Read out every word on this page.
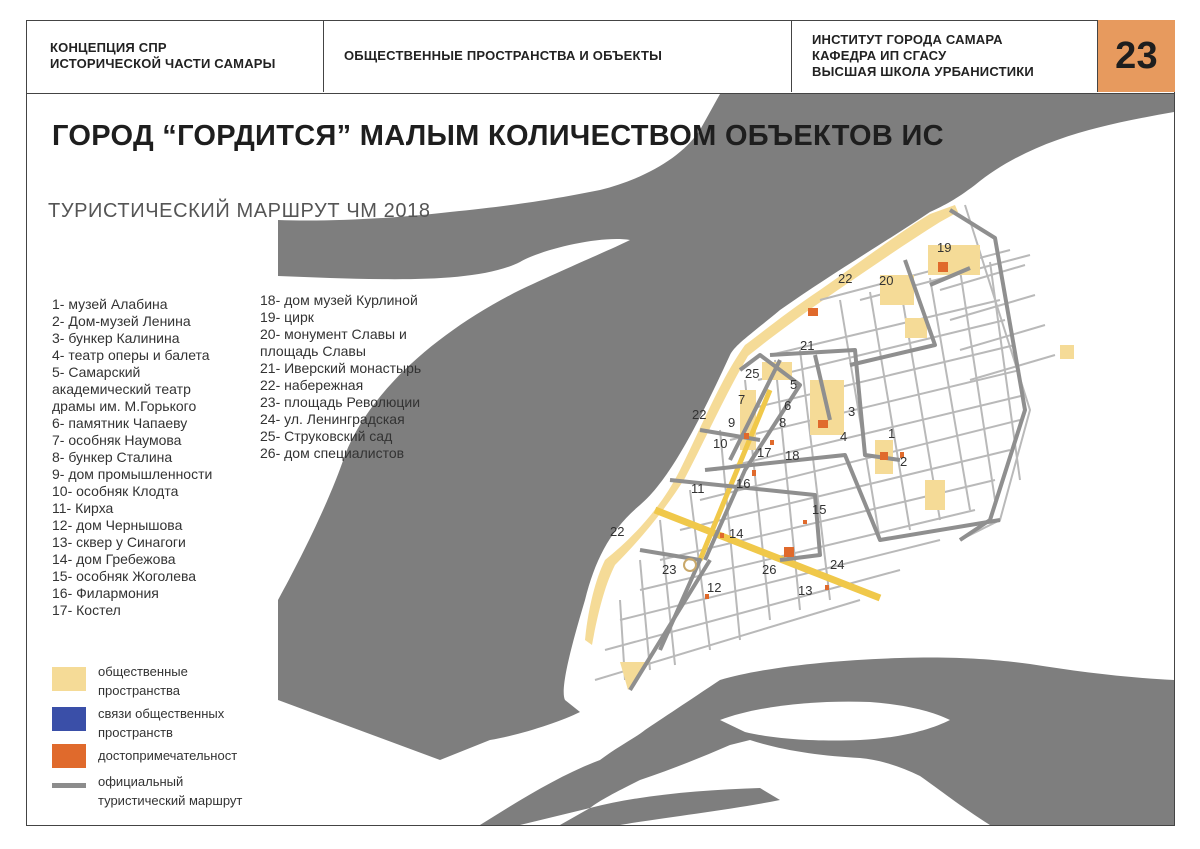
КОНЦЕПЦИЯ СПР
ИСТОРИЧЕСКОЙ ЧАСТИ САМАРЫ
ОБЩЕСТВЕННЫЕ ПРОСТРАНСТВА И ОБЪЕКТЫ
ИНСТИТУТ ГОРОДА САМАРА
КАФЕДРА ИП СГАСУ
ВЫСШАЯ ШКОЛА УРБАНИСТИКИ	23
1
2
3
4
5
6
7
8
9
10
11
12	13
14
15
16
17 18
19
20
21
22
22
22
23	24
25
26
ГОРОД “ГОРДИТСЯ” МАЛЫМ КОЛИЧЕСТВОМ ОБЪЕКТОВ ИС
ТУРИСТИЧЕСКИЙ МАРШРУТ ЧМ 2018
1- музей Алабина
2- Дом-музей Ленина
3- бункер Калинина
4- театр оперы и балета
5- Самарский
академический театр
драмы им. М.Горького
6- памятник Чапаеву
7- особняк Наумова
8- бункер Сталина
9- дом промышленности
10- особняк Клодта
11- Кирха
12- дом Чернышова
13- сквер у Синагоги
14- дом Гребежова
15- особняк Жоголева
16- Филармония
17- Костел
18- дом музей Курлиной
19- цирк
20- монумент Славы и
площадь Славы
21- Иверский монастырь
22- набережная
23- площадь Революции
24- ул. Ленинградская
25- Струковский сад
26- дом специалистов
общественные
пространства
связи общественных
пространств
достопримечательност
официальный
туристический маршрут
